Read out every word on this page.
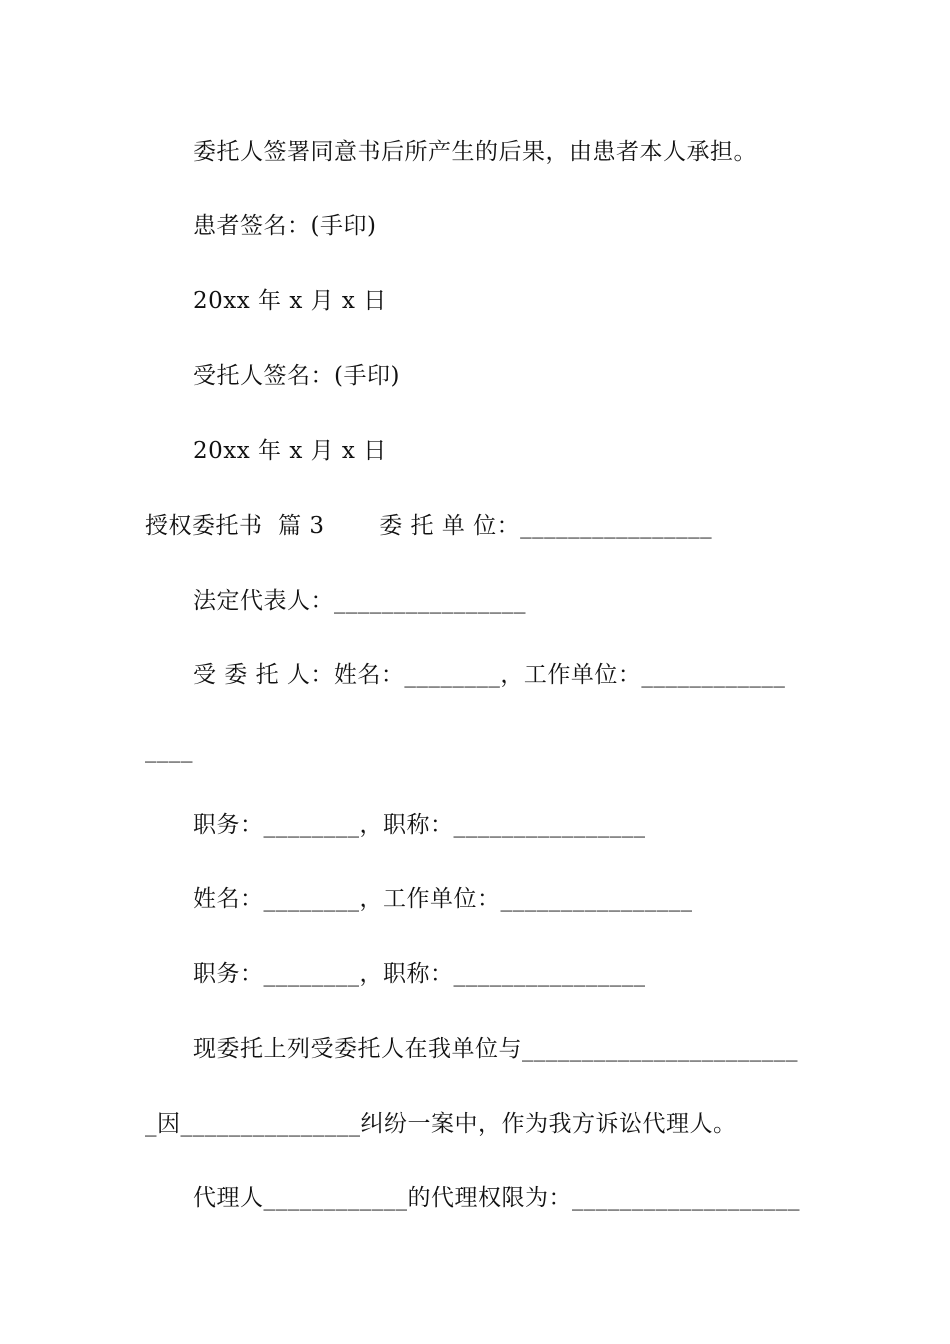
委托人签署同意书后所产生的后果，由患者本人承担。
患者签名：(手印)
20xx 年 x 月 x 日
受托人签名：(手印)
20xx 年 x 月 x 日
授权委托书  篇 3       委 托 单 位：________________
法定代表人：________________
受 委 托 人：姓名：________，工作单位：____________
____
职务：________，职称：________________
姓名：________，工作单位：________________
职务：________，职称：________________
现委托上列受委托人在我单位与_______________________
_因_______________纠纷一案中，作为我方诉讼代理人。
代理人____________的代理权限为：___________________
